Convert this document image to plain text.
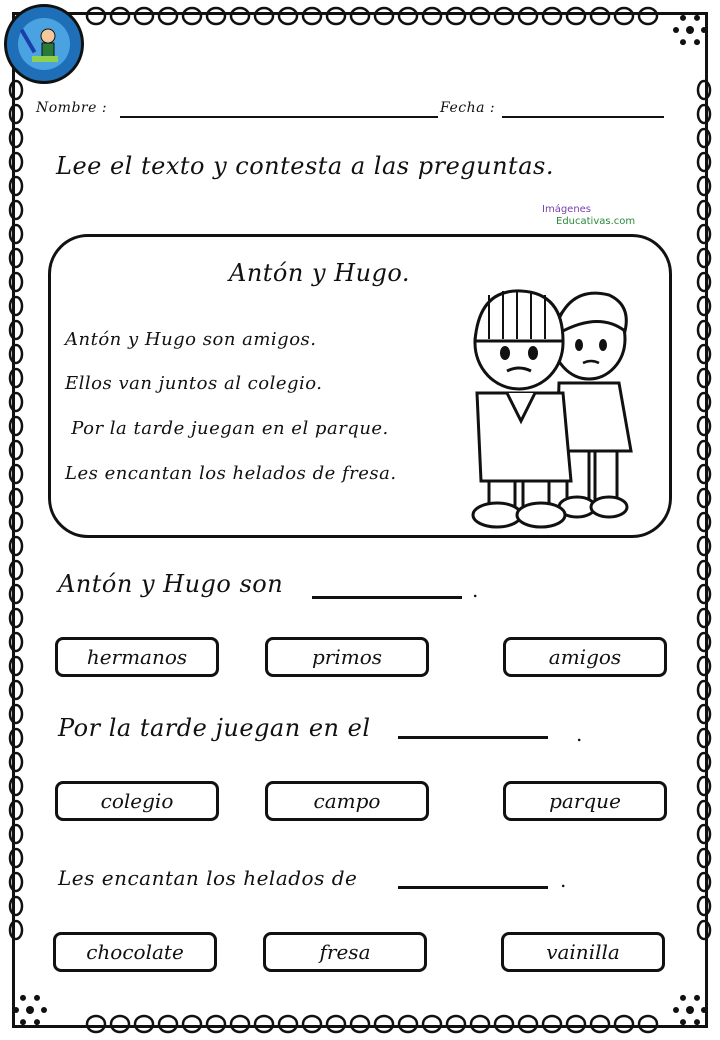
Nombre :	Fecha :
Lee el texto y contesta a las preguntas.
Imágenes
Educativas.com
Antón y Hugo.
Antón y Hugo son amigos.
Ellos van juntos al colegio.
Por la tarde juegan en el parque.
Les encantan los helados de fresa.
Antón y Hugo son	.
hermanos	primos	amigos
Por la tarde juegan en el	.
colegio	campo	parque
Les encantan los helados de	.
chocolate	fresa	vainilla
